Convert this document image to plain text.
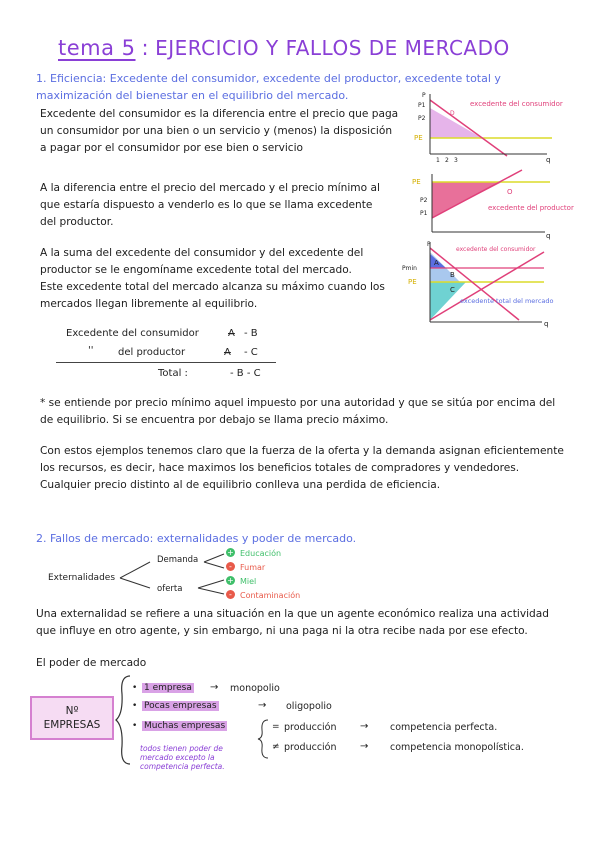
tema 5 : EJERCICIO Y FALLOS DE MERCADO
1. Eficiencia: Excedente del consumidor, excedente del productor, excedente total y maximización del bienestar en el equilibrio del mercado.
Excedente del consumidor es la diferencia entre el precio que paga un consumidor por una bien o un servicio y (menos) la disposición a pagar por el consumidor por ese bien o servicio
A la diferencia entre el precio del mercado y el precio mínimo al que estaría dispuesto a venderlo es lo que se llama excedente del productor.
A la suma del excedente del consumidor y del excedente del productor se le engomíname excedente total del mercado.
Este excedente total del mercado alcanza su máximo cuando los mercados llegan libremente al equilibrio.
Excedente del consumidor	A - B
'' del productor	A - C
Total :	- B - C
* se entiende por precio mínimo aquel impuesto por una autoridad y que se sitúa por encima del de equilibrio. Si se encuentra por debajo se llama precio máximo.
Con estos ejemplos tenemos claro que la fuerza de la oferta y la demanda asignan eficientemente los recursos, es decir, hace maximos los beneficios totales de compradores y vendedores. Cualquier precio distinto al de equilibrio conlleva una perdida de eficiencia.
P
P1
P2
PE
D
excedente del consumidor
1 2 3	q
PE
P2
P1
O
excedente del productor
q
P
Pmin
PE
A
B
C
excedente del consumidor
excedente total del mercado
q
2. Fallos de mercado: externalidades y poder de mercado.
Externalidades
Demanda
oferta
+ Educación
-	Fumar
+ Miel
-	Contaminación
Una externalidad se refiere a una situación en la que un agente económico realiza una actividad que influye en otro agente, y sin embargo, ni una paga ni la otra recibe nada por ese efecto.
El poder de mercado
Nº
EMPRESAS
• 1 empresa → monopolio
• Pocas empresas	→ oligopolio
• Muchas empresas	= producción → competencia perfecta.
≠ producción → competencia monopolística.
todos tienen poder de mercado excepto la competencia perfecta.
